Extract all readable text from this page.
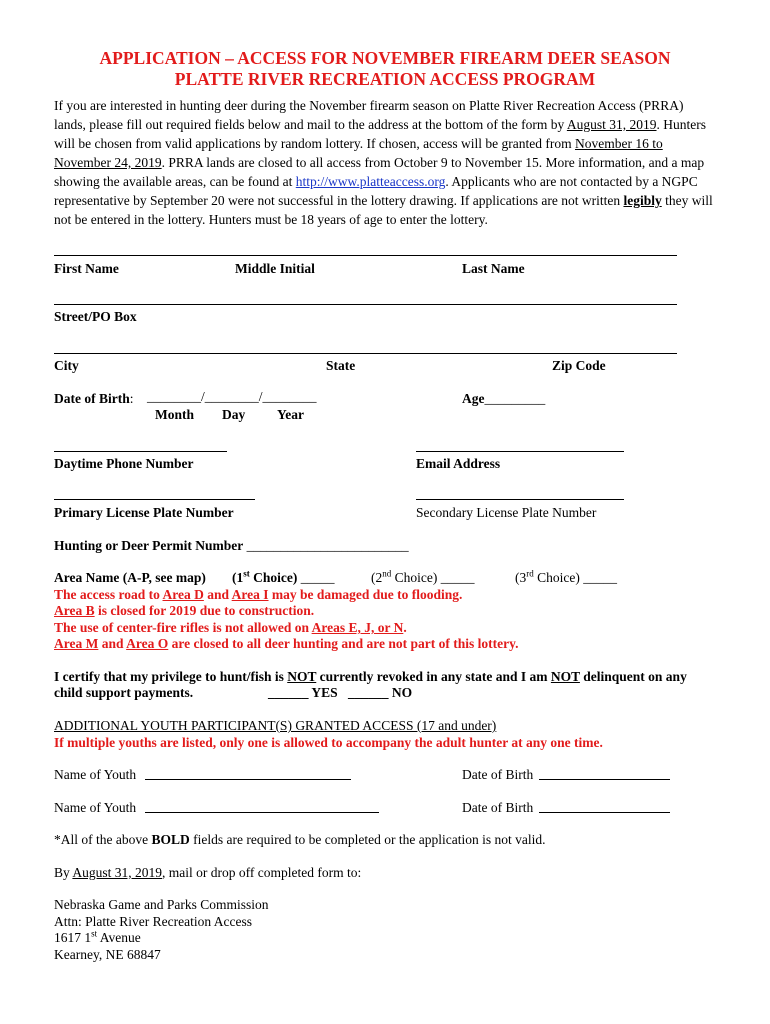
APPLICATION – ACCESS FOR NOVEMBER FIREARM DEER SEASON
PLATTE RIVER RECREATION ACCESS PROGRAM
If you are interested in hunting deer during the November firearm season on Platte River Recreation Access (PRRA) lands, please fill out required fields below and mail to the address at the bottom of the form by August 31, 2019. Hunters will be chosen from valid applications by random lottery. If chosen, access will be granted from November 16 to November 24, 2019. PRRA lands are closed to all access from October 9 to November 15. More information, and a map showing the available areas, can be found at http://www.platteaccess.org. Applicants who are not contacted by a NGPC representative by September 20 were not successful in the lottery drawing. If applications are not written legibly they will not be entered in the lottery. Hunters must be 18 years of age to enter the lottery.
First Name	Middle Initial	Last Name
Street/PO Box
City	State	Zip Code
Date of Birth: ________/________/________
Month Day Year
Age_________
Daytime Phone Number	Email Address
Primary License Plate Number	Secondary License Plate Number
Hunting or Deer Permit Number ________________________
Area Name (A-P, see map) (1st Choice) _____	(2nd Choice) _____	(3rd Choice) _____
The access road to Area D and Area I may be damaged due to flooding.
Area B is closed for 2019 due to construction.
The use of center-fire rifles is not allowed on Areas E, J, or N.
Area M and Area O are closed to all deer hunting and are not part of this lottery.
I certify that my privilege to hunt/fish is NOT currently revoked in any state and I am NOT delinquent on any
child support payments.	______ YES ______ NO
ADDITIONAL YOUTH PARTICIPANT(S) GRANTED ACCESS (17 and under)
If multiple youths are listed, only one is allowed to accompany the adult hunter at any one time.
Name of Youth	Date of Birth
Name of Youth	Date of Birth
*All of the above BOLD fields are required to be completed or the application is not valid.
By August 31, 2019, mail or drop off completed form to:
Nebraska Game and Parks Commission
Attn: Platte River Recreation Access
1617 1st Avenue
Kearney, NE 68847
